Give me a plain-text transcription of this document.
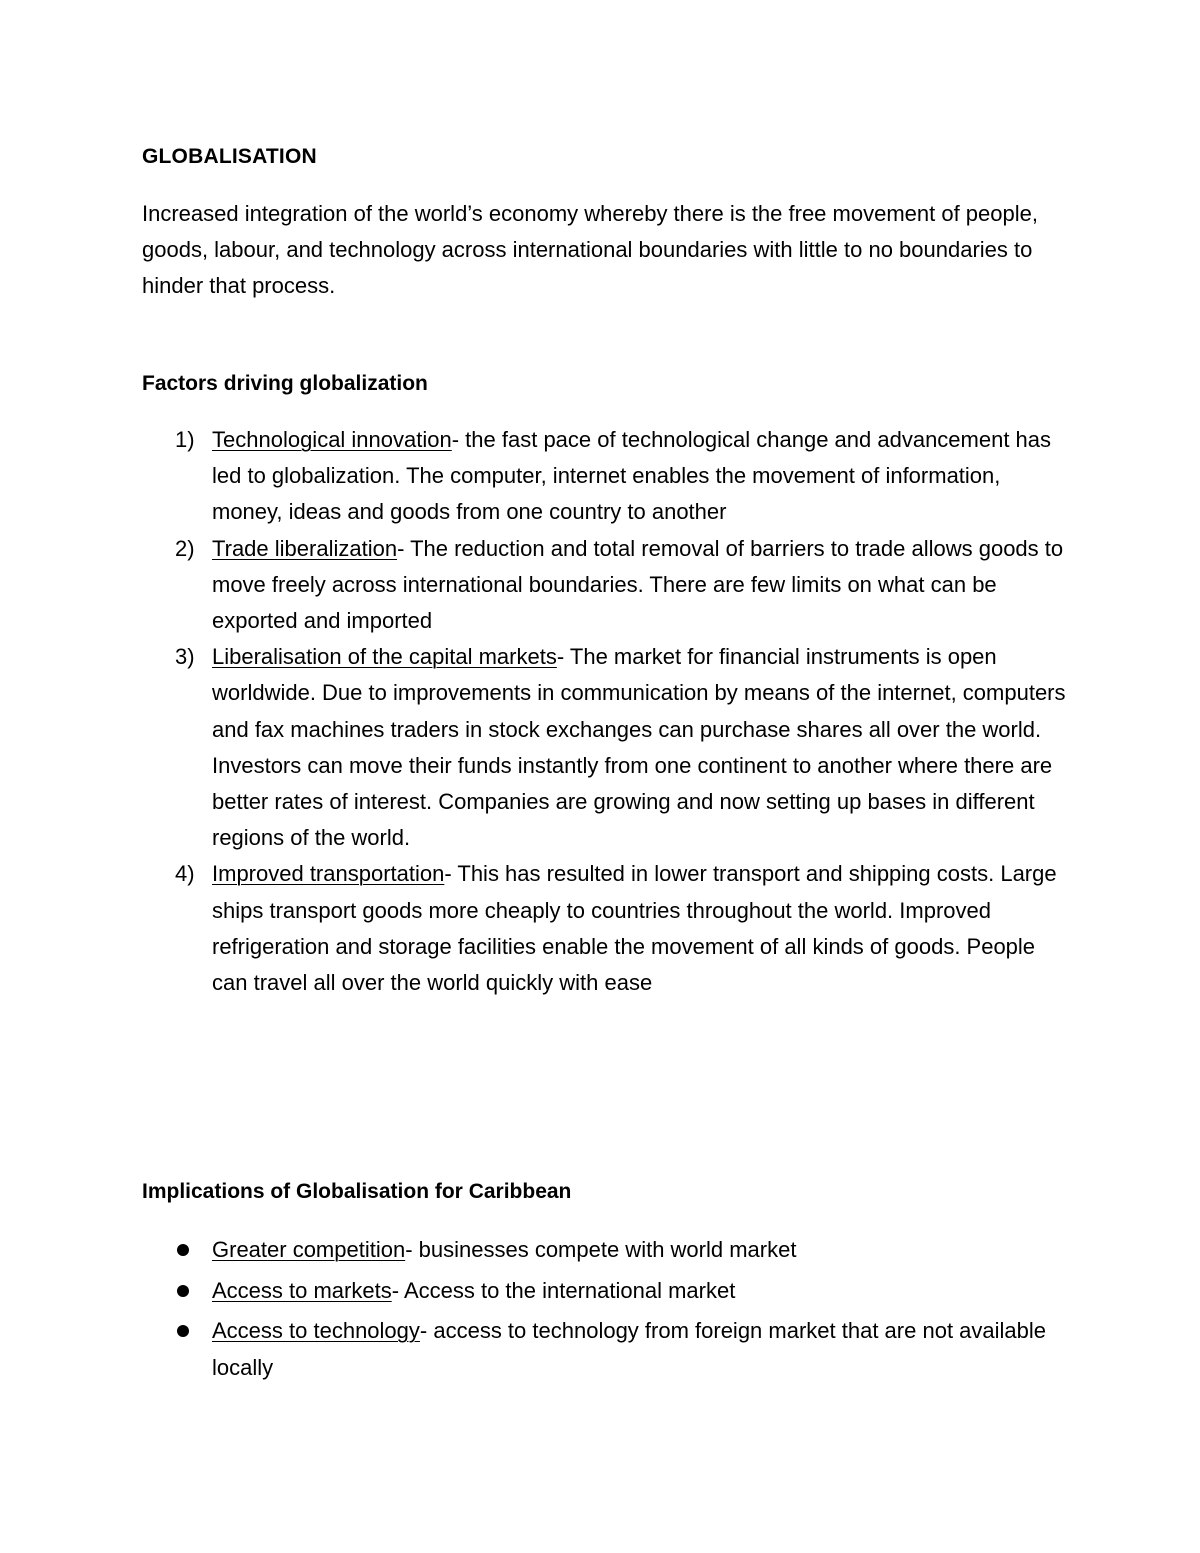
GLOBALISATION

Increased integration of the world’s economy whereby there is the free movement of people, goods, labour, and technology across international boundaries with little to no boundaries to hinder that process.

Factors driving globalization
1) Technological innovation- the fast pace of technological change and advancement has led to globalization. The computer, internet enables the movement of information, money, ideas and goods from one country to another
2) Trade liberalization- The reduction and total removal of barriers to trade allows goods to move freely across international boundaries. There are few limits on what can be exported and imported
3) Liberalisation of the capital markets- The market for financial instruments is open worldwide. Due to improvements in communication by means of the internet, computers and fax machines traders in stock exchanges can purchase shares all over the world. Investors can move their funds instantly from one continent to another where there are better rates of interest. Companies are growing and now setting up bases in different regions of the world.
4) Improved transportation- This has resulted in lower transport and shipping costs. Large ships transport goods more cheaply to countries throughout the world. Improved refrigeration and storage facilities enable the movement of all kinds of goods. People can travel all over the world quickly with ease
Implications of Globalisation for Caribbean
Greater competition- businesses compete with world market
Access to markets- Access to the international market
Access to technology- access to technology from foreign market that are not available locally
